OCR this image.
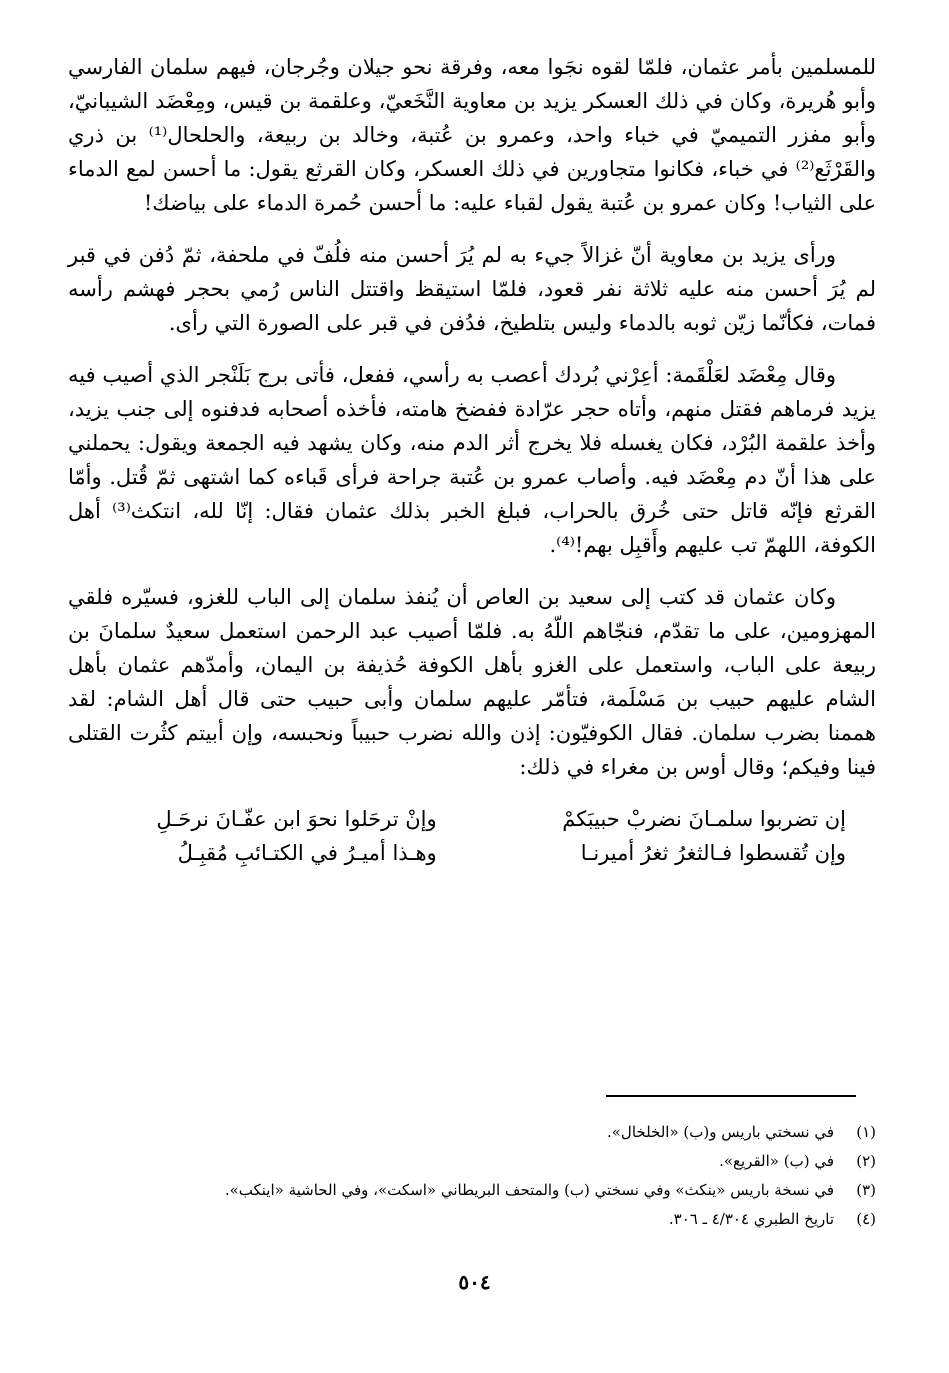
للمسلمين بأمر عثمان، فلمّا لقوه نجَوا معه، وفرقة نحو جيلان وجُرجان، فيهم سلمان الفارسي وأبو هُريرة، وكان في ذلك العسكر يزيد بن معاوية النَّخَعيّ، وعلقمة بن قيس، ومِعْضَد الشيبانيّ، وأبو مفزر التميميّ في خباء واحد، وعمرو بن عُتبة، وخالد بن ربيعة، والحلحال⁽¹⁾ بن ذري والقَرْثَع⁽²⁾ في خباء، فكانوا متجاورين في ذلك العسكر، وكان القرثع يقول: ما أحسن لمع الدماء على الثياب! وكان عمرو بن عُتبة يقول لقباء عليه: ما أحسن حُمرة الدماء على بياضك!

ورأى يزيد بن معاوية أنّ غزالاً جيء به لم يُرَ أحسن منه فلُفّ في ملحفة، ثمّ دُفن في قبر لم يُرَ أحسن منه عليه ثلاثة نفر قعود، فلمّا استيقظ واقتتل الناس رُمي بحجر فهشم رأسه فمات، فكأنّما زيّن ثوبه بالدماء وليس بتلطيخ، فدُفن في قبر على الصورة التي رأى.

وقال مِعْضَد لعَلْقَمة: أعِرْني بُردك أعصب به رأسي، ففعل، فأتى برج بَلَنْجر الذي أصيب فيه يزيد فرماهم فقتل منهم، وأتاه حجر عرّادة ففضخ هامته، فأخذه أصحابه فدفنوه إلى جنب يزيد، وأخذ علقمة البُرْد، فكان يغسله فلا يخرج أثر الدم منه، وكان يشهد فيه الجمعة ويقول: يحملني على هذا أنّ دم مِعْضَد فيه. وأصاب عمرو بن عُتبة جراحة فرأى قَباءه كما اشتهى ثمّ قُتل. وأمّا القرثع فإنّه قاتل حتى خُرق بالحراب، فبلغ الخبر بذلك عثمان فقال: إنّا لله، انتكث⁽³⁾ أهل الكوفة، اللهمّ تب عليهم وأَقبِل بهم!⁽⁴⁾.

وكان عثمان قد كتب إلى سعيد بن العاص أن يُنفذ سلمان إلى الباب للغزو، فسيّره فلقي المهزومين، على ما تقدّم، فنجّاهم اللّهُ به. فلمّا أصيب عبد الرحمن استعمل سعيدٌ سلمانَ بن ربيعة على الباب، واستعمل على الغزو بأهل الكوفة حُذيفة بن اليمان، وأمدّهم عثمان بأهل الشام عليهم حبيب بن مَسْلَمة، فتأمّر عليهم سلمان وأبى حبيب حتى قال أهل الشام: لقد هممنا بضرب سلمان. فقال الكوفيّون: إذن والله نضرب حبيباً ونحبسه، وإن أبيتم كثُرت القتلى فينا وفيكم؛ وقال أوس بن مغراء في ذلك:

إن تضربوا سلمـانَ نضربْ حبيبَكمْ
وإنْ ترحَلوا نحوَ ابن عفّـانَ نرحَـلِ
وإن تُقسطوا فـالثغرُ ثغرُ أميرنـا
وهـذا أميـرُ في الكتـائبِ مُقبِـلُ
(١)
في نسختي باريس و(ب) «الخلخال».
(٢)
في (ب) «القريع».
(٣)
في نسخة باريس «ينكث» وفي نسختي (ب) والمتحف البريطاني «اسكت»، وفي الحاشية «اينكب».
(٤)
تاريخ الطبري ٤/٣٠٤ ـ ٣٠٦.
٥٠٤
